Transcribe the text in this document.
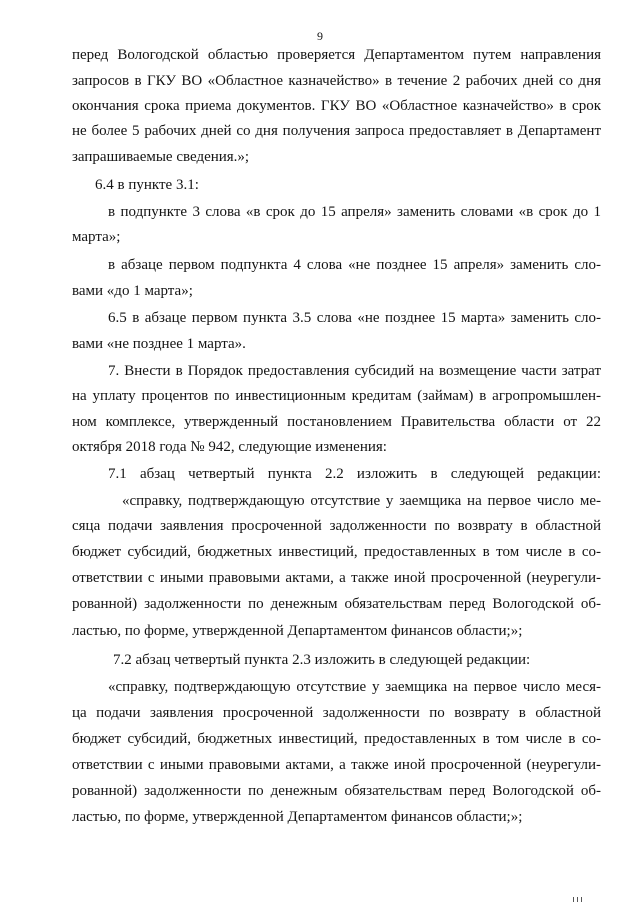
9
перед Вологодской областью проверяется Департаментом путем направления
запросов в ГКУ ВО «Областное казначейство» в течение 2 рабочих дней со дня
окончания срока приема документов. ГКУ ВО «Областное казначейство» в срок
не более 5 рабочих дней со дня получения запроса предоставляет в Департамент
запрашиваемые сведения.»;
6.4 в пункте 3.1:
в подпункте 3 слова «в срок до 15 апреля» заменить словами «в срок до 1
марта»;
в абзаце первом подпункта 4 слова «не позднее 15 апреля» заменить сло-
вами «до 1 марта»;
6.5 в абзаце первом пункта 3.5 слова «не позднее 15 марта» заменить сло-
вами «не позднее 1 марта».
7. Внести в Порядок предоставления субсидий на возмещение части затрат
на уплату процентов по инвестиционным кредитам (займам) в агропромышлен-
ном комплексе, утвержденный постановлением Правительства области от 22
октября 2018 года № 942, следующие изменения:
7.1 абзац четвертый пункта 2.2 изложить в следующей редакции:
«справку, подтверждающую отсутствие у заемщика на первое число ме-
сяца подачи заявления просроченной задолженности по возврату в областной
бюджет субсидий, бюджетных инвестиций, предоставленных в том числе в со-
ответствии с иными правовыми актами, а также иной просроченной (неурегули-
рованной) задолженности по денежным обязательствам перед Вологодской об-
ластью, по форме, утвержденной Департаментом финансов области;»;
7.2 абзац четвертый пункта 2.3 изложить в следующей редакции:
«справку, подтверждающую отсутствие у заемщика на первое число меся-
ца подачи заявления просроченной задолженности по возврату в областной
бюджет субсидий, бюджетных инвестиций, предоставленных в том числе в со-
ответствии с иными правовыми актами, а также иной просроченной (неурегули-
рованной) задолженности по денежным обязательствам перед Вологодской об-
ластью, по форме, утвержденной Департаментом финансов области;»;
